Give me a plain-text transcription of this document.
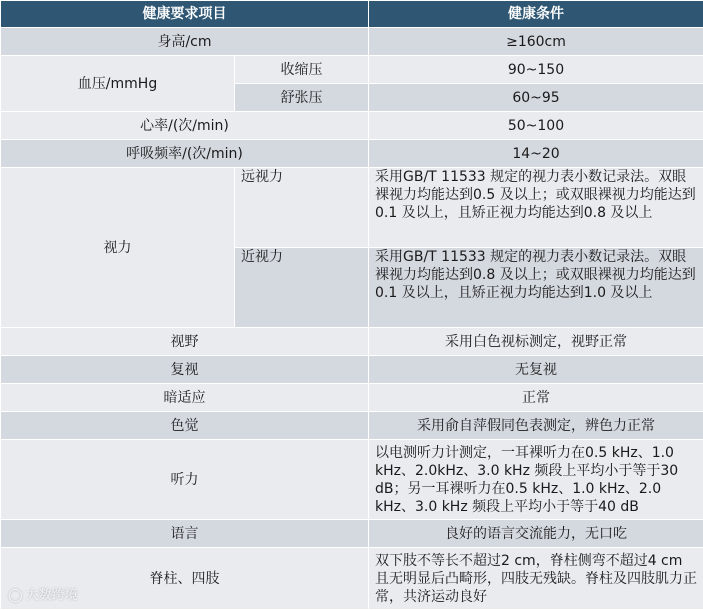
健康要求项目		健康条件
身高/cm		≥160cm
血压/mmHg	收缩压	90~150
	舒张压	60~95
心率/(次/min)		50~100
呼吸频率/(次/min)		14~20
视力	远视力	采用GB/T 11533 规定的视力表小数记录法。双眼裸视力均能达到0.5 及以上；或双眼裸视力均能达到0.1 及以上，且矫正视力均能达到0.8 及以上
	近视力	采用GB/T 11533 规定的视力表小数记录法。双眼裸视力均能达到0.8 及以上；或双眼裸视力均能达到0.1 及以上，且矫正视力均能达到1.0 及以上
视野		采用白色视标测定，视野正常
复视		无复视
暗适应		正常
色觉		采用俞自萍假同色表测定，辨色力正常
听力		以电测听力计测定，一耳裸听力在0.5 kHz、1.0 kHz、2.0kHz、3.0 kHz 频段上平均小于等于30 dB；另一耳裸听力在0.5 kHz、1.0 kHz、2.0 kHz、3.0 kHz 频段上平均小于等于40 dB
语言		良好的语言交流能力，无口吃
脊柱、四肢		双下肢不等长不超过2 cm，脊柱侧弯不超过4 cm 且无明显后凸畸形，四肢无残缺。脊柱及四肢肌力正常，共济运动良好
◯ 大数跨境
